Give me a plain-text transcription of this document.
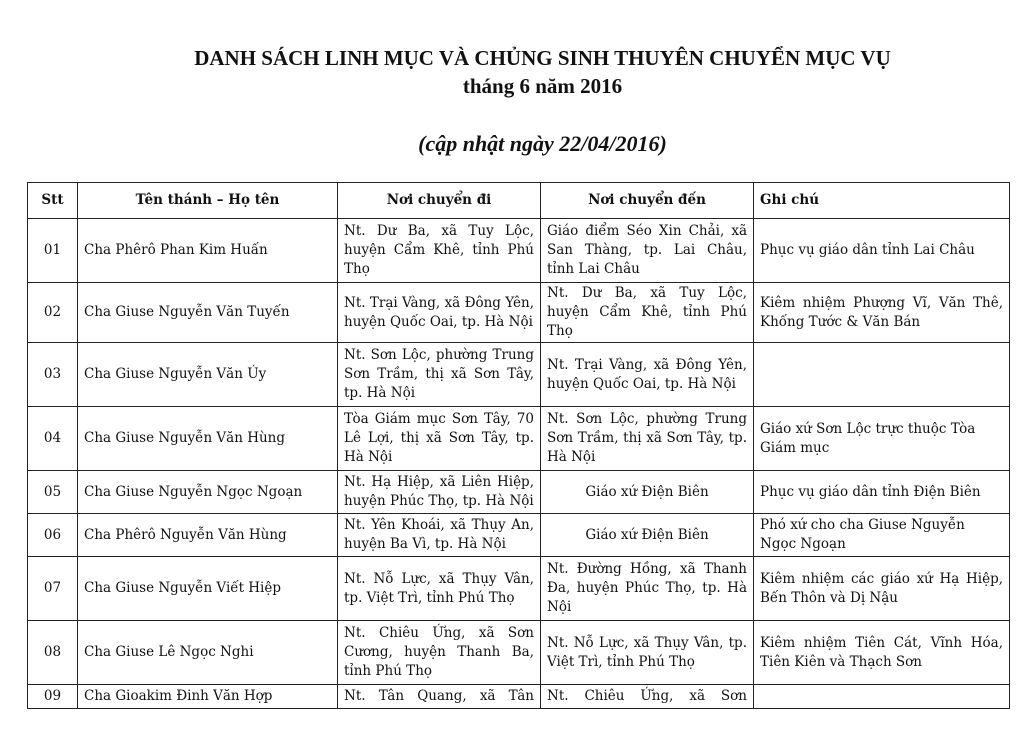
DANH SÁCH LINH MỤC VÀ CHỦNG SINH THUYÊN CHUYỂN MỤC VỤ
tháng 6 năm 2016
(cập nhật ngày 22/04/2016)
Stt	Tên thánh – Họ tên	Nơi chuyển đi	Nơi chuyển đến	Ghi chú
01	Cha Phêrô Phan Kim Huấn	Nt. Dư Ba, xã Tuy Lộc, huyện Cẩm Khê, tỉnh Phú Thọ	Giáo điểm Séo Xin Chải, xã San Thàng, tp. Lai Châu, tỉnh Lai Châu	Phục vụ giáo dân tỉnh Lai Châu
02	Cha Giuse Nguyễn Văn Tuyến	Nt. Trại Vàng, xã Đông Yên, huyện Quốc Oai, tp. Hà Nội	Nt. Dư Ba, xã Tuy Lộc, huyện Cẩm Khê, tỉnh Phú Thọ	Kiêm nhiệm Phượng Vĩ, Văn Thê, Khống Tước & Văn Bán
03	Cha Giuse Nguyễn Văn Úy	Nt. Sơn Lộc, phường Trung Sơn Trầm, thị xã Sơn Tây, tp. Hà Nội	Nt. Trại Vàng, xã Đông Yên, huyện Quốc Oai, tp. Hà Nội	
04	Cha Giuse Nguyễn Văn Hùng	Tòa Giám mục Sơn Tây, 70 Lê Lợi, thị xã Sơn Tây, tp. Hà Nội	Nt. Sơn Lộc, phường Trung Sơn Trầm, thị xã Sơn Tây, tp. Hà Nội	Giáo xứ Sơn Lộc trực thuộc Tòa Giám mục
05	Cha Giuse Nguyễn Ngọc Ngoạn	Nt. Hạ Hiệp, xã Liên Hiệp, huyện Phúc Thọ, tp. Hà Nội	Giáo xứ Điện Biên	Phục vụ giáo dân tỉnh Điện Biên
06	Cha Phêrô Nguyễn Văn Hùng	Nt. Yên Khoái, xã Thụy An, huyện Ba Vì, tp. Hà Nội	Giáo xứ Điện Biên	Phó xứ cho cha Giuse Nguyễn Ngọc Ngoạn
07	Cha Giuse Nguyễn Viết Hiệp	Nt. Nỗ Lực, xã Thụy Vân, tp. Việt Trì, tỉnh Phú Thọ	Nt. Đường Hồng, xã Thanh Đa, huyện Phúc Thọ, tp. Hà Nội	Kiêm nhiệm các giáo xứ Hạ Hiệp, Bến Thôn và Dị Nậu
08	Cha Giuse Lê Ngọc Nghi	Nt. Chiêu Ứng, xã Sơn Cương, huyện Thanh Ba, tỉnh Phú Thọ	Nt. Nỗ Lực, xã Thụy Vân, tp. Việt Trì, tỉnh Phú Thọ	Kiêm nhiệm Tiên Cát, Vĩnh Hóa, Tiên Kiên và Thạch Sơn
09	Cha Gioakim Đinh Văn Hợp	Nt. Tân Quang, xã Tân	Nt. Chiêu Ứng, xã Sơn	
